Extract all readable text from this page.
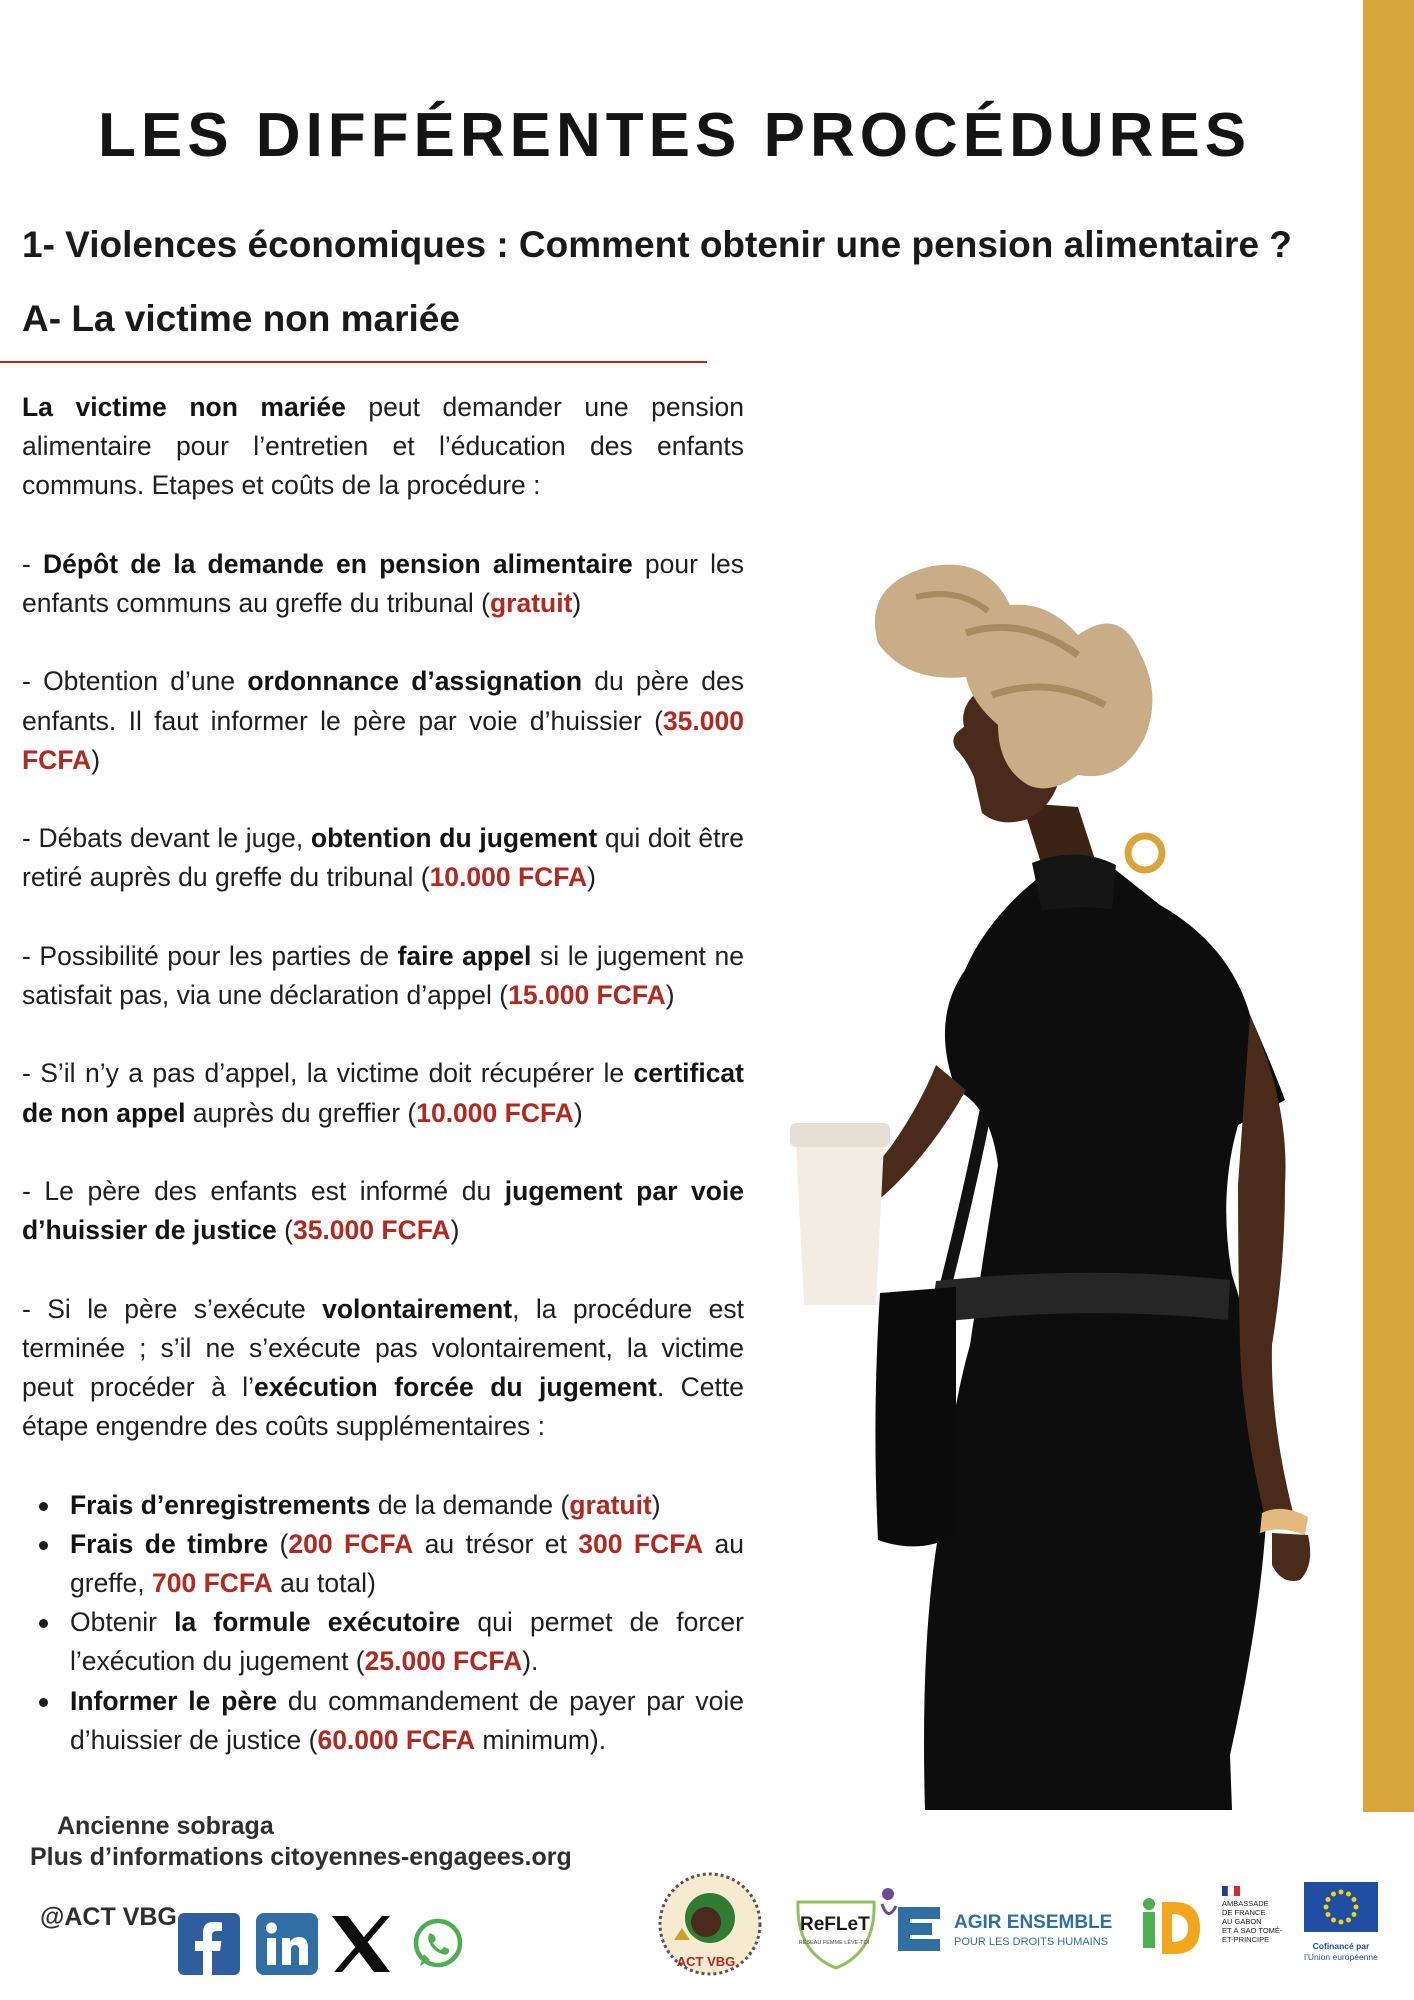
LES DIFFÉRENTES PROCÉDURES
1- Violences économiques : Comment obtenir une pension alimentaire ?
A- La victime non mariée

La victime non mariée peut demander une pension alimentaire pour l’entretien et l’éducation des enfants communs. Etapes et coûts de la procédure :

- Dépôt de la demande en pension alimentaire pour les enfants communs au greffe du tribunal (gratuit)

- Obtention d’une ordonnance d’assignation du père des enfants. Il faut informer le père par voie d’huissier (35.000 FCFA)

- Débats devant le juge, obtention du jugement qui doit être retiré auprès du greffe du tribunal (10.000 FCFA)

- Possibilité pour les parties de faire appel si le jugement ne satisfait pas, via une déclaration d’appel (15.000 FCFA)

- S’il n’y a pas d’appel, la victime doit récupérer le certificat de non appel auprès du greffier (10.000 FCFA)

- Le père des enfants est informé du jugement par voie d’huissier de justice (35.000 FCFA)

- Si le père s’exécute volontairement, la procédure est terminée ; s’il ne s’exécute pas volontairement, la victime peut procéder à l’exécution forcée du jugement. Cette étape engendre des coûts supplémentaires :

Frais d’enregistrements de la demande (gratuit)
Frais de timbre (200 FCFA au trésor et 300 FCFA au greffe, 700 FCFA au total)
Obtenir la formule exécutoire qui permet de forcer l’exécution du jugement (25.000 FCFA).
Informer le père du commandement de payer par voie d’huissier de justice (60.000 FCFA minimum).
Ancienne sobraga
Plus d’informations citoyennes-engagees.org
@ACT VBG
ACT VBG
ReFLeT
RÉSEAU FEMME LÈVE-TOI
AGIR ENSEMBLE
POUR LES DROITS HUMAINS
AMBASSADE DE FRANCE AU GABON ET À SAO TOMÉ- ET-PRINCIPE
Cofinancé par
l’Union européenne
